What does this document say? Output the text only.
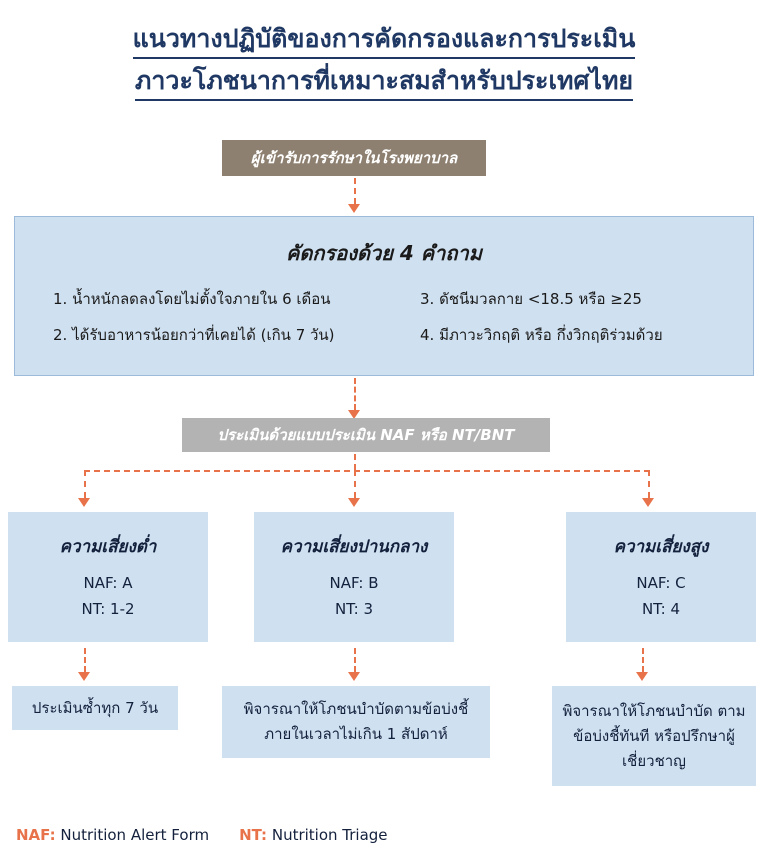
แนวทางปฏิบัติของการคัดกรองและการประเมิน
ภาวะโภชนาการที่เหมาะสมสำหรับประเทศไทย
ผู้เข้ารับการรักษาในโรงพยาบาล
คัดกรองด้วย 4 คำถาม
1. น้ำหนักลดลงโดยไม่ตั้งใจภายใน 6 เดือน	3. ดัชนีมวลกาย <18.5 หรือ ≥25
2. ได้รับอาหารน้อยกว่าที่เคยได้ (เกิน 7 วัน)	4. มีภาวะวิกฤติ หรือ กึ่งวิกฤติร่วมด้วย
ประเมินด้วยแบบประเมิน NAF หรือ NT/BNT
ความเสี่ยงต่ำ
NAF: A
NT: 1-2
ความเสี่ยงปานกลาง
NAF: B
NT: 3
ความเสี่ยงสูง
NAF: C
NT: 4
ประเมินซ้ำทุก 7 วัน	พิจารณาให้โภชนบำบัดตามข้อบ่งชี้ ภายในเวลาไม่เกิน 1 สัปดาห์
พิจารณาให้โภชนบำบัด ตามข้อบ่งชี้ทันที หรือปรึกษาผู้เชี่ยวชาญ
NAF:
Nutrition Alert Form NT:
Nutrition Triage
